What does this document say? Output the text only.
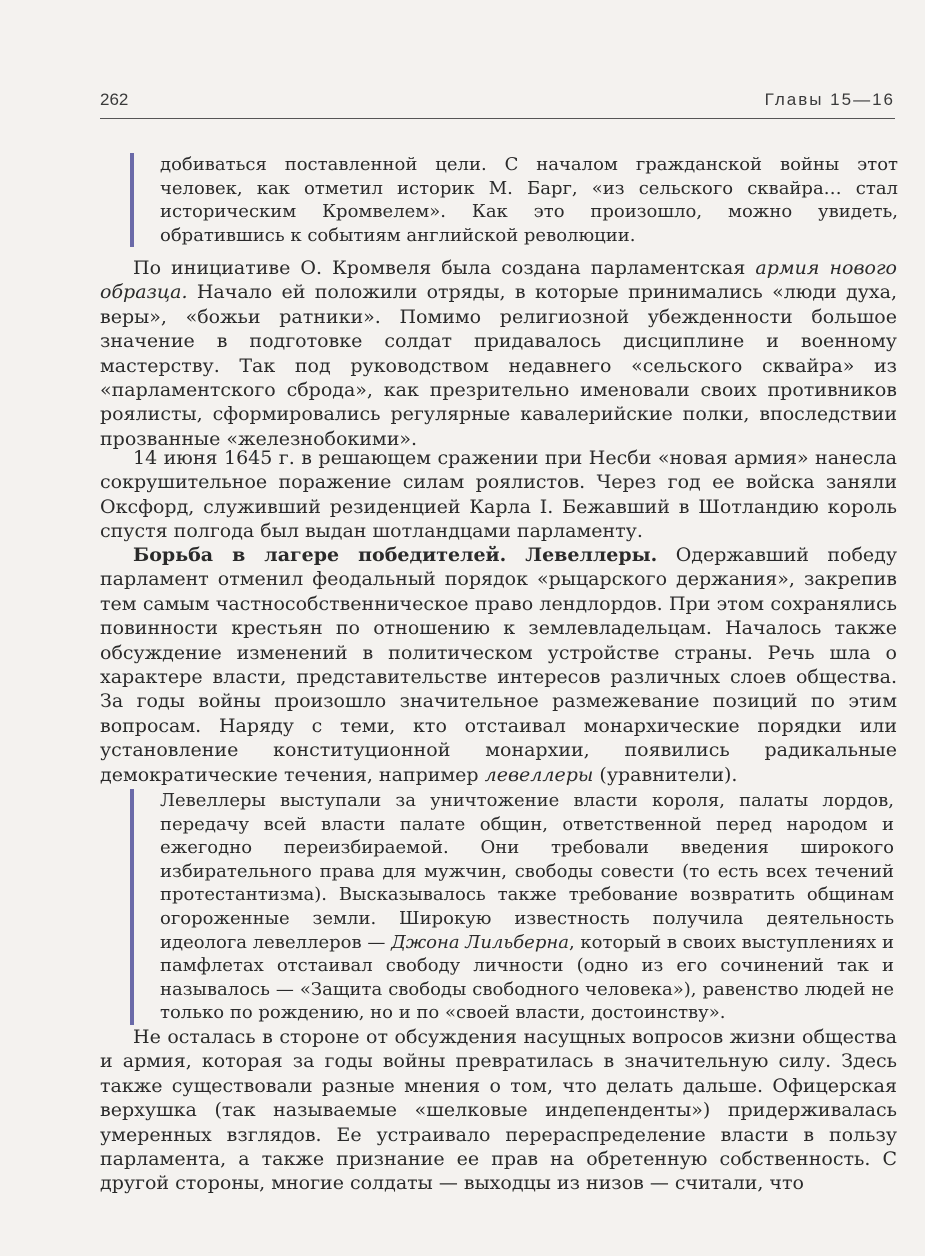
262	Главы 15—16
добиваться поставленной цели. С началом гражданской войны этот человек, как отметил историк М. Барг, «из сельского сквайра… стал историческим Кромвелем». Как это произошло, можно увидеть, обратившись к событиям английской революции.

По инициативе О. Кромвеля была создана парламентская армия нового образца. Начало ей положили отряды, в которые принимались «люди духа, веры», «божьи ратники». Помимо религиозной убежденности большое значение в подготовке солдат придавалось дисциплине и военному мастерству. Так под руководством недавнего «сельского сквайра» из «парламентского сброда», как презрительно именовали своих противников роялисты, сформировались регулярные кавалерийские полки, впоследствии прозванные «железнобокими».

14 июня 1645 г. в решающем сражении при Несби «новая армия» нанесла сокрушительное поражение силам роялистов. Через год ее войска заняли Оксфорд, служивший резиденцией Карла I. Бежавший в Шотландию король спустя полгода был выдан шотландцами парламенту.

Борьба в лагере победителей. Левеллеры. Одержавший победу парламент отменил феодальный порядок «рыцарского держания», закрепив тем самым частнособственническое право лендлордов. При этом сохранялись повинности крестьян по отношению к землевладельцам. Началось также обсуждение изменений в политическом устройстве страны. Речь шла о характере власти, представительстве интересов различных слоев общества. За годы войны произошло значительное размежевание позиций по этим вопросам. Наряду с теми, кто отстаивал монархические порядки или установление конституционной монархии, появились радикальные демократические течения, например левеллеры (уравнители).

Левеллеры выступали за уничтожение власти короля, палаты лордов, передачу всей власти палате общин, ответственной перед народом и ежегодно переизбираемой. Они требовали введения широкого избирательного права для мужчин, свободы совести (то есть всех течений протестантизма). Высказывалось также требование возвратить общинам огороженные земли. Широкую известность получила деятельность идеолога левеллеров — Джона Лильберна, который в своих выступлениях и памфлетах отстаивал свободу личности (одно из его сочинений так и называлось — «Защита свободы свободного человека»), равенство людей не только по рождению, но и по «своей власти, достоинству».

Не осталась в стороне от обсуждения насущных вопросов жизни общества и армия, которая за годы войны превратилась в значительную силу. Здесь также существовали разные мнения о том, что делать дальше. Офицерская верхушка (так называемые «шелковые индепенденты») придерживалась умеренных взглядов. Ее устраивало перераспределение власти в пользу парламента, а также признание ее прав на обретенную собственность. С другой стороны, многие солдаты — выходцы из низов — считали, что
